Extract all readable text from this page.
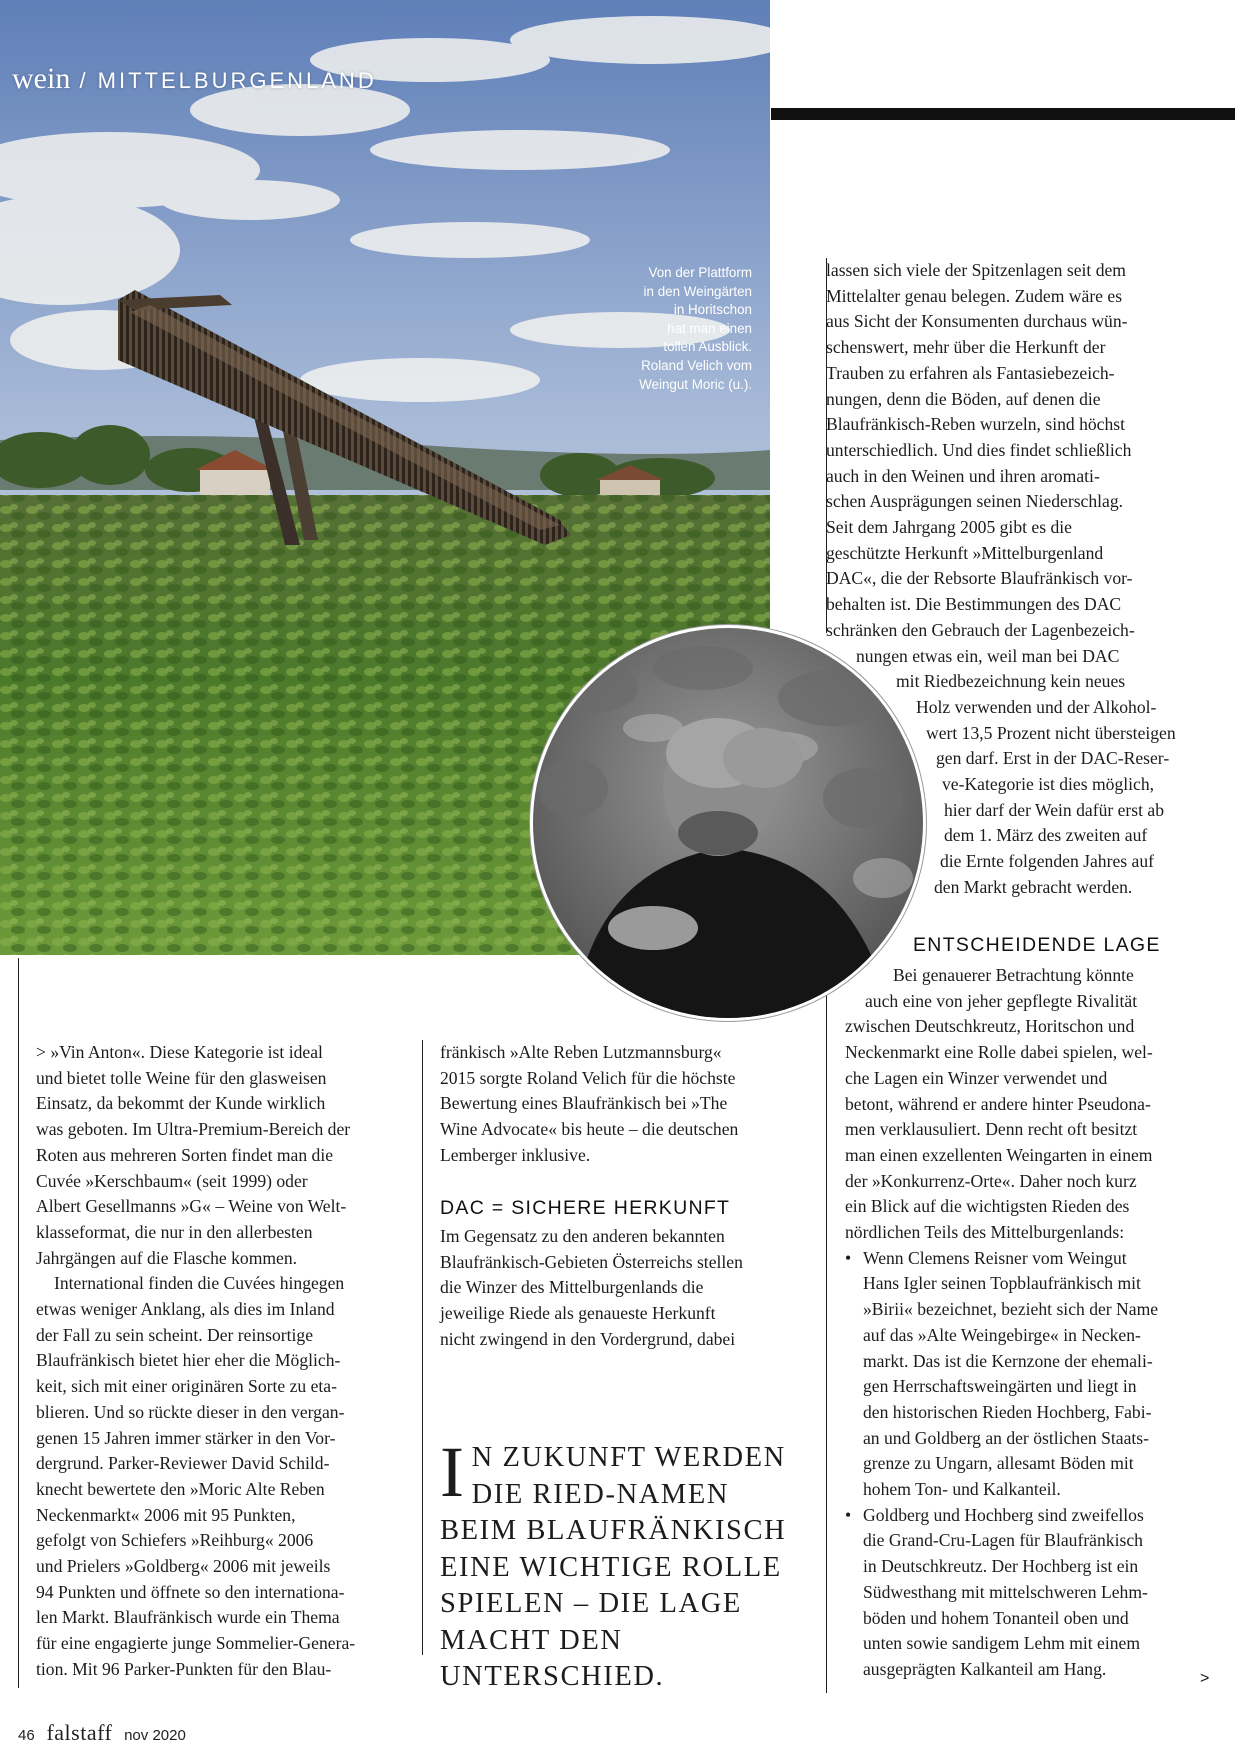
wein / MITTELBURGENLAND
Von der Plattform
in den Weingärten
in Horitschon
hat man einen
tollen Ausblick.
Roland Velich vom
Weingut Moric (u.).
lassen sich viele der Spitzenlagen seit dem
Mittelalter genau belegen. Zudem wäre es
aus Sicht der Konsumenten durchaus wün-
schenswert, mehr über die Herkunft der
Trauben zu erfahren als Fantasiebezeich-
nungen, denn die Böden, auf denen die
Blaufränkisch-Reben wurzeln, sind höchst
unterschiedlich. Und dies findet schließlich
auch in den Weinen und ihren aromati-
schen Ausprägungen seinen Niederschlag.
Seit dem Jahrgang 2005 gibt es die
geschützte Herkunft »Mittelburgenland
DAC«, die der Rebsorte Blaufränkisch vor-
behalten ist. Die Bestimmungen des DAC
schränken den Gebrauch der Lagenbezeich-
nungen etwas ein, weil man bei DAC
mit Riedbezeichnung kein neues
Holz verwenden und der Alkohol-
wert 13,5 Prozent nicht übersteigen
gen darf. Erst in der DAC-Reser-
ve-Kategorie ist dies möglich,
hier darf der Wein dafür erst ab
dem 1. März des zweiten auf
die Ernte folgenden Jahres auf
den Markt gebracht werden.

> »Vin Anton«. Diese Kategorie ist ideal
und bietet tolle Weine für den glasweisen
Einsatz, da bekommt der Kunde wirklich
was geboten. Im Ultra-Premium-Bereich der
Roten aus mehreren Sorten findet man die
Cuvée »Kerschbaum« (seit 1999) oder
Albert Gesellmanns »G« – Weine von Welt-
klasseformat, die nur in den allerbesten
Jahrgängen auf die Flasche kommen.

International finden die Cuvées hingegen
etwas weniger Anklang, als dies im Inland
der Fall zu sein scheint. Der reinsortige
Blaufränkisch bietet hier eher die Möglich-
keit, sich mit einer originären Sorte zu eta-
blieren. Und so rückte dieser in den vergan-
genen 15 Jahren immer stärker in den Vor-
dergrund. Parker-Reviewer David Schild-
knecht bewertete den »Moric Alte Reben
Neckenmarkt« 2006 mit 95 Punkten,
gefolgt von Schiefers »Reihburg« 2006
und Prielers »Goldberg« 2006 mit jeweils
94 Punkten und öffnete so den internationa-
len Markt. Blaufränkisch wurde ein Thema
für eine engagierte junge Sommelier-Genera-
tion. Mit 96 Parker-Punkten für den Blau-

fränkisch »Alte Reben Lutzmannsburg«
2015 sorgte Roland Velich für die höchste
Bewertung eines Blaufränkisch bei »The
Wine Advocate« bis heute – die deutschen
Lemberger inklusive.

DAC = SICHERE HERKUNFT

Im Gegensatz zu den anderen bekannten
Blaufränkisch-Gebieten Österreichs stellen
die Winzer des Mittelburgenlands die
jeweilige Riede als genaueste Herkunft
nicht zwingend in den Vordergrund, dabei

I N ZUKUNFT WERDEN
DIE RIED-NAMEN
BEIM BLAUFRÄNKISCH
EINE WICHTIGE ROLLE
SPIELEN – DIE LAGE
MACHT DEN
UNTERSCHIED.
ENTSCHEIDENDE LAGE

Bei genauerer Betrachtung könnte
auch eine von jeher gepflegte Rivalität
zwischen Deutschkreutz, Horitschon und
Neckenmarkt eine Rolle dabei spielen, wel-
che Lagen ein Winzer verwendet und
betont, während er andere hinter Pseudona-
men verklausuliert. Denn recht oft besitzt
man einen exzellenten Weingarten in einem
der »Konkurrenz-Orte«. Daher noch kurz
ein Blick auf die wichtigsten Rieden des
nördlichen Teils des Mittelburgenlands:

• Wenn Clemens Reisner vom Weingut
Hans Igler seinen Topblaufränkisch mit
»Birii« bezeichnet, bezieht sich der Name
auf das »Alte Weingebirge« in Necken-
markt. Das ist die Kernzone der ehemali-
gen Herrschaftsweingärten und liegt in
den historischen Rieden Hochberg, Fabi-
an und Goldberg an der östlichen Staats-
grenze zu Ungarn, allesamt Böden mit
hohem Ton- und Kalkanteil.

• Goldberg und Hochberg sind zweifellos
die Grand-Cru-Lagen für Blaufränkisch
in Deutschkreutz. Der Hochberg ist ein
Südwesthang mit mittelschweren Lehm-
böden und hohem Tonanteil oben und
unten sowie sandigem Lehm mit einem
ausgeprägten Kalkanteil am Hang.	>
46 falstaff nov 2020
